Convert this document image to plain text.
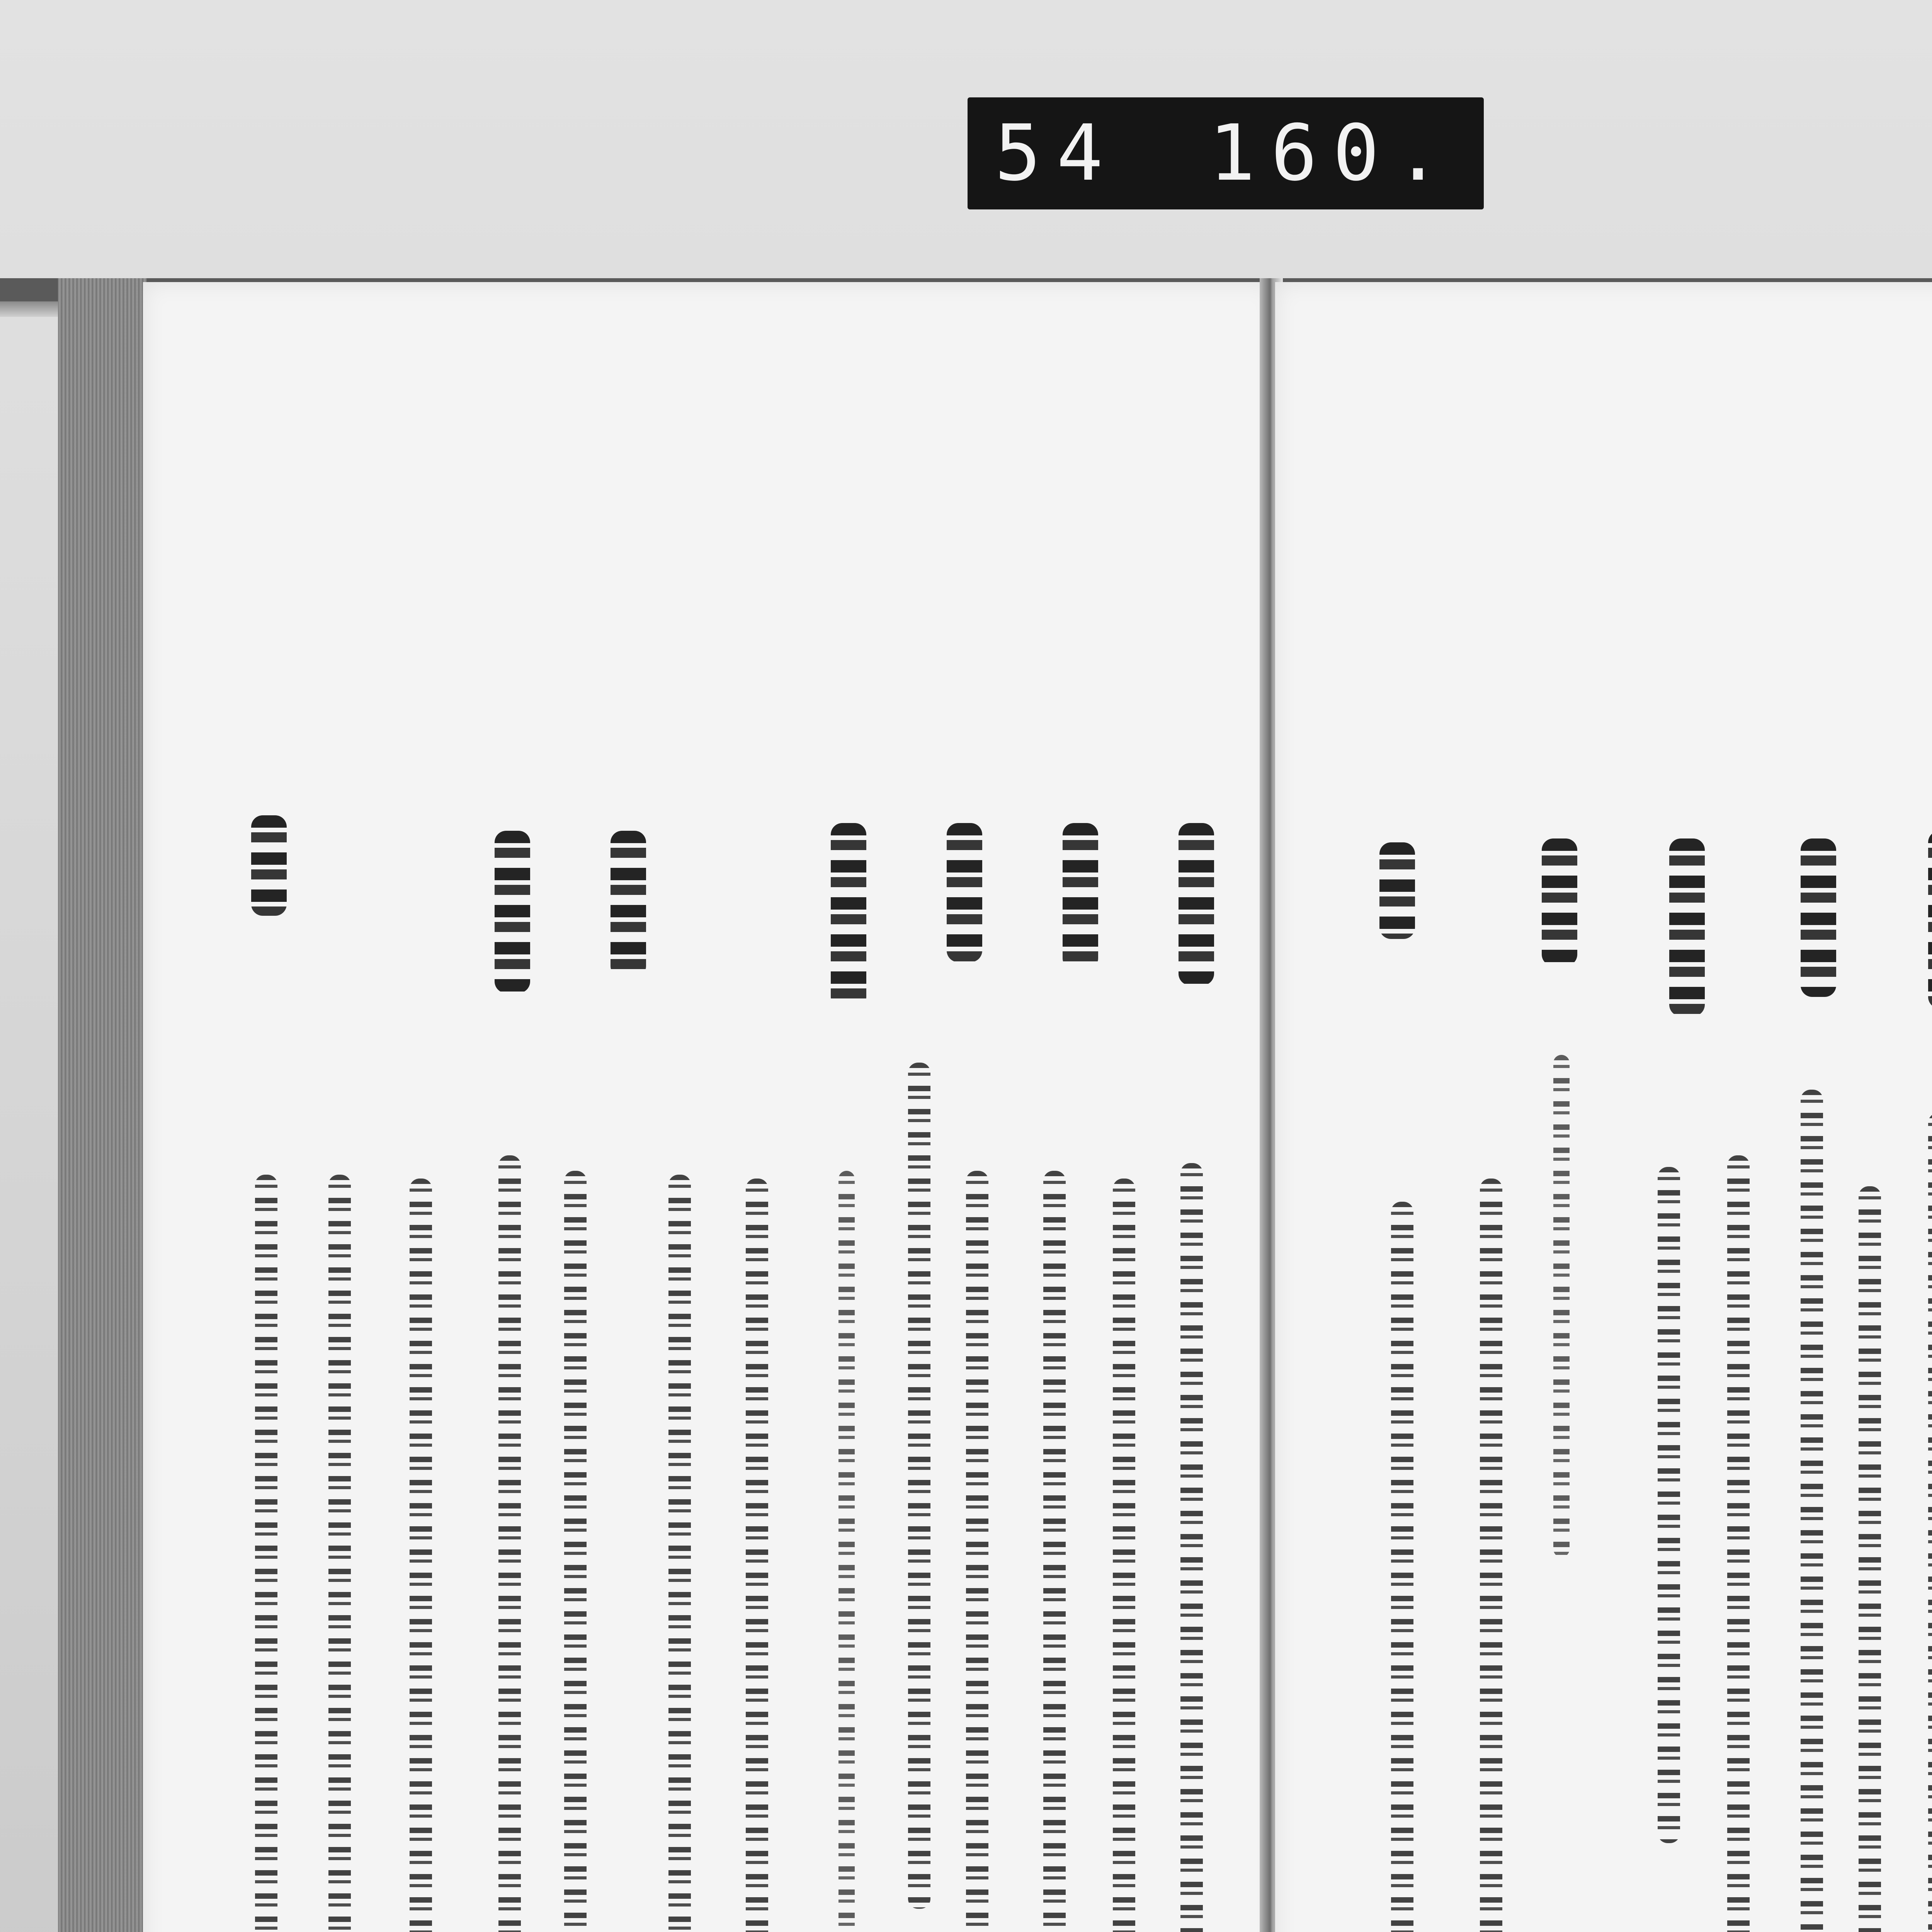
54 160.
